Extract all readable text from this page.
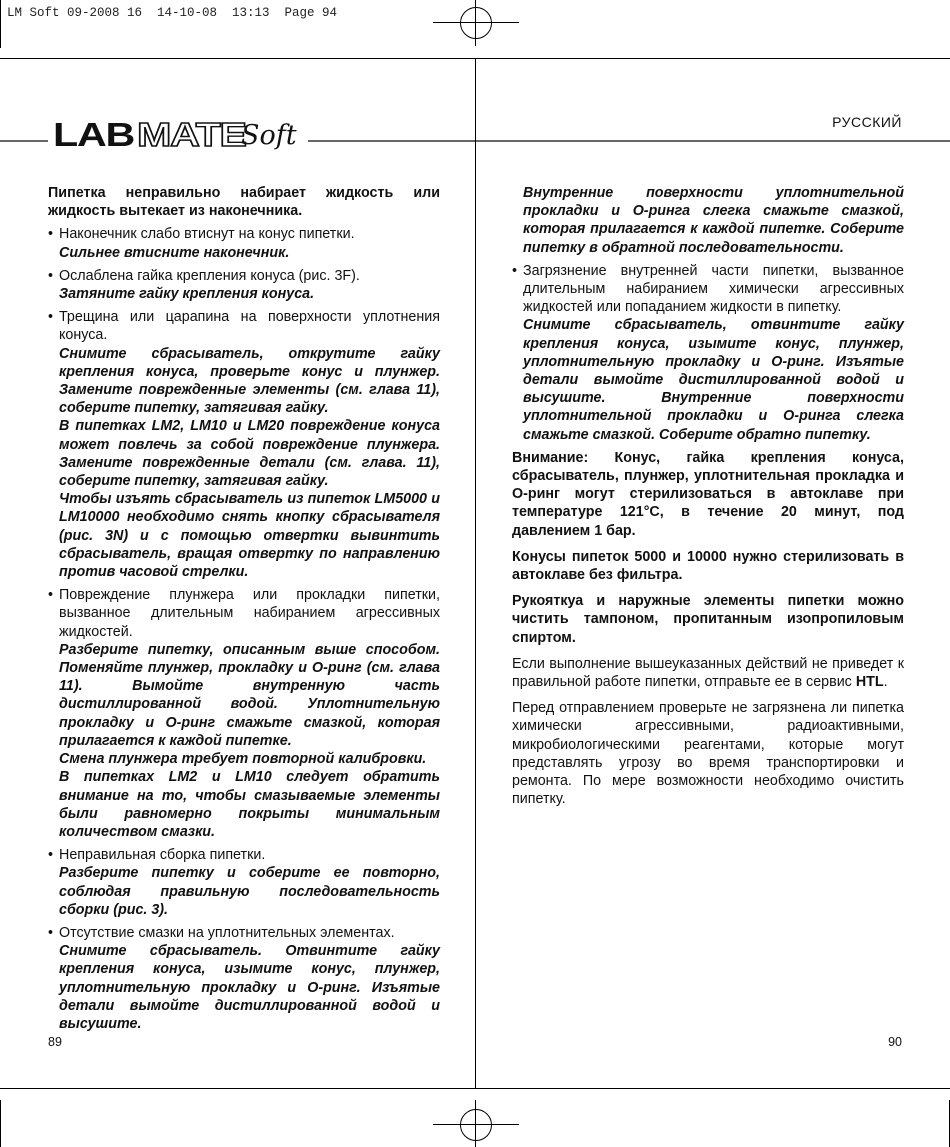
LM Soft 09-2008 16  14-10-08  13:13  Page 94
LAB MATE
Soft	РУССКИЙ

Пипетка неправильно набирает жидкость или жидкость вытекает из наконечника.

• Наконечник слабо втиснут на конус пипетки.
Сильнее втисните наконечник.
• Ослаблена гайка крепления конуса (рис. 3F).
Затяните гайку крепления конуса.
• Трещина или царапина на поверхности уплотнения конуса.
Снимите сбрасыватель, открутите гайку крепления конуса, проверьте конус и плунжер. Замените поврежденные элементы (см. глава 11), соберите пипетку, затягивая гайку.
В пипетках LM2, LM10 и LM20 повреждение конуса может повлечь за собой повреждение плунжера. Замените поврежденные детали (см. глава. 11), соберите пипетку, затягивая гайку.
Чтобы изъять сбрасыватель из пипеток LM5000 и LM10000 необходимо снять кнопку сбрасывателя (рис. 3N) и с помощью отвертки вывинтить сбрасыватель, вращая отвертку по направлению против часовой стрелки.
• Повреждение плунжера или прокладки пипетки, вызванное длительным набиранием агрессивных жидкостей.
Разберите пипетку, описанным выше способом. Поменяйте плунжер, прокладку и O-ринг (см. глава 11). Вымойте внутренную часть дистиллированной водой. Уплотнительную прокладку и O-ринг смажьте смазкой, которая прилагается к каждой пипетке.
Смена плунжера требует повторной калибровки.
В пипетках LM2 и LM10 следует обратить внимание на то, чтобы смазываемые элементы были равномерно покрыты минимальным количеством смазки.
• Неправильная сборка пипетки.
Разберите пипетку и соберите ее повторно, соблюдая правильную последовательность сборки (рис. 3).
• Отсутствие смазки на уплотнительных элементах.
Снимите сбрасыватель. Отвинтите гайку крепления конуса, изымите конус, плунжер, уплотнительную прокладку и O-ринг. Изъятые детали вымойте дистиллированной водой и высушите.
89
Внутренние поверхности уплотнительной прокладки и O-ринга слегка смажьте смазкой, которая прилагается к каждой пипетке. Соберите пипетку в обратной последовательности.
• Загрязнение внутренней части пипетки, вызванное длительным набиранием химически агрессивных жидкостей или попаданием жидкости в пипетку.
Снимите сбрасыватель, отвинтите гайку крепления конуса, изымите конус, плунжер, уплотнительную прокладку и O-ринг. Изъятые детали вымойте дистиллированной водой и высушите. Внутренние поверхности уплотнительной прокладки и O-ринга слегка смажьте смазкой. Соберите обратно пипетку.

Внимание: Конус, гайка крепления конуса, сбрасыватель, плунжер, уплотнительная прокладка и O-ринг могут стерилизоваться в автоклаве при температуре 121°C, в течение 20 минут, под давлением 1 бар.

Конусы пипеток 5000 и 10000 нужно стерилизовать в автоклаве без фильтра.

Рукояткуа и наружные элементы пипетки можно чистить тампоном, пропитанным изопропиловым спиртом.

Если выполнение вышеуказанных действий не приведет к правильной работе пипетки, отправьте ее в сервис HTL.

Перед отправлением проверьте не загрязнена ли пипетка химически агрессивными, радиоактивными, микробиологическими реагентами, которые могут представлять угрозу во время транспортировки и ремонта. По мере возможности необходимо очистить пипетку.

90
